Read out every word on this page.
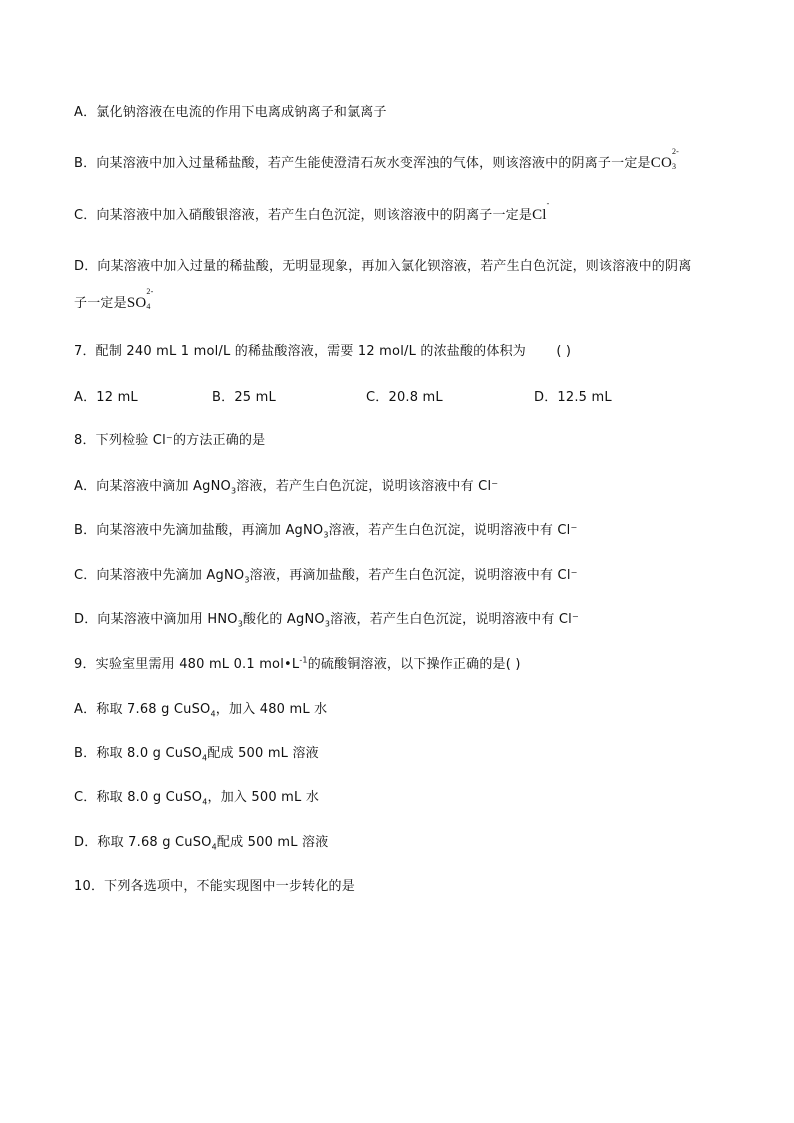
A．氯化钠溶液在电流的作用下电离成钠离子和氯离子
B．向某溶液中加入过量稀盐酸，若产生能使澄清石灰水变浑浊的气体，则该溶液中的阴离子一定是CO
2-
3
C．向某溶液中加入硝酸银溶液，若产生白色沉淀，则该溶液中的阴离子一定是Cl
-
D．向某溶液中加入过量的稀盐酸，无明显现象，再加入氯化钡溶液，若产生白色沉淀，则该溶液中的阴离
子一定是SO
2-
4
7．配制 240 mL 1 mol/L 的稀盐酸溶液，需要 12 mol/L 的浓盐酸的体积为 ( )
A．12 mL	B．25 mL	C．20.8 mL	D．12.5 mL
8．下列检验 Cl⁻的方法正确的是
A．向某溶液中滴加 AgNO$_3$溶液，若产生白色沉淀，说明该溶液中有 Cl⁻
B．向某溶液中先滴加盐酸，再滴加 AgNO$_3$溶液，若产生白色沉淀，说明溶液中有 Cl⁻
C．向某溶液中先滴加 AgNO$_3$溶液，再滴加盐酸，若产生白色沉淀，说明溶液中有 Cl⁻
D．向某溶液中滴加用 $HNO_3$酸化的 AgNO$_3$溶液，若产生白色沉淀，说明溶液中有 Cl⁻
9．实验室里需用 480 mL 0.1 $mol•L^{-1}$的硫酸铜溶液，以下操作正确的是( )
A．称取 7.68 g CuSO$_4$，加入 480 mL 水
B．称取 8.0 g CuSO$_4$配成 500 mL 溶液
C．称取 8.0 g CuSO$_4$，加入 500 mL 水
D．称取 7.68 g CuSO$_4$配成 500 mL 溶液
10．下列各选项中，不能实现图中一步转化的是
